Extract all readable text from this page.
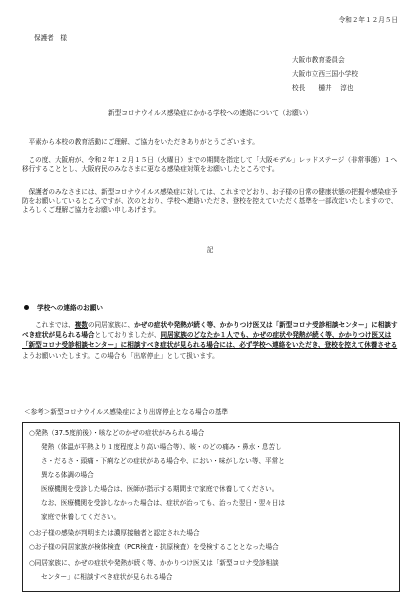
令和２年１２月５日
保護者　様
大阪市教育委員会
大阪市立西三国小学校
校長　　樋井　 淳也
新型コロナウイルス感染症にかかる学校への連絡について（お願い）
平素から本校の教育活動にご理解、ご協力をいただきありがとうございます。
この度、大阪府が、令和２年１２月１５日（火曜日）までの期間を指定して「大阪モデル」レッドステージ（非常事態）１へ移行することとし、大阪府民のみなさまに更なる感染症対策をお願いしたところです。
保護者のみなさまには、新型コロナウイルス感染症に対しては、これまでどおり、お子様の日常の健康状態の把握や感染症予防をお願いしているところですが、次のとおり、学校へ連絡いただき、登校を控えていただく基準を一部改定いたしますので、よろしくご理解ご協力をお願い申しあげます。
記
学校への連絡のお願い
これまでは、複数の同居家族に、かぜの症状や発熱が続く等、かかりつけ医又は「新型コロナ受診相談センター」に相談すべき症状が見られる場合としておりましたが、同居家族のどなたか１人でも、かぜの症状や発熱が続く等、かかりつけ医又は「新型コロナ受診相談センター」に相談すべき症状が見られる場合には、必ず学校へ連絡をいただき、登校を控えて休養させるようお願いいたします。この場合も「出席停止」として扱います。
＜参考＞新型コロナウイルス感染症により出席停止となる場合の基準
○発熱（37.5度前後）・咳などのかぜの症状がみられる場合
発熱（体温が平熱より１度程度より高い場合等）、咳・のどの痛み・鼻水・息苦し
さ・だるさ・頭痛・下痢などの症状がある場合や、におい・味がしない等、平常と
異なる体調の場合
医療機関を受診した場合は、医師が指示する期間まで家庭で休養してください。
なお、医療機関を受診しなかった場合は、症状が治っても、治った翌日・翌々日は
家庭で休養してください。
○お子様の感染が判明または濃厚接触者と認定された場合
○お子様の同居家族が検体検査（PCR検査・抗原検査）を受検することとなった場合
○同居家族に、かぜの症状や発熱が続く等、かかりつけ医又は「新型コロナ受診相談
センター」に相談すべき症状が見られる場合
